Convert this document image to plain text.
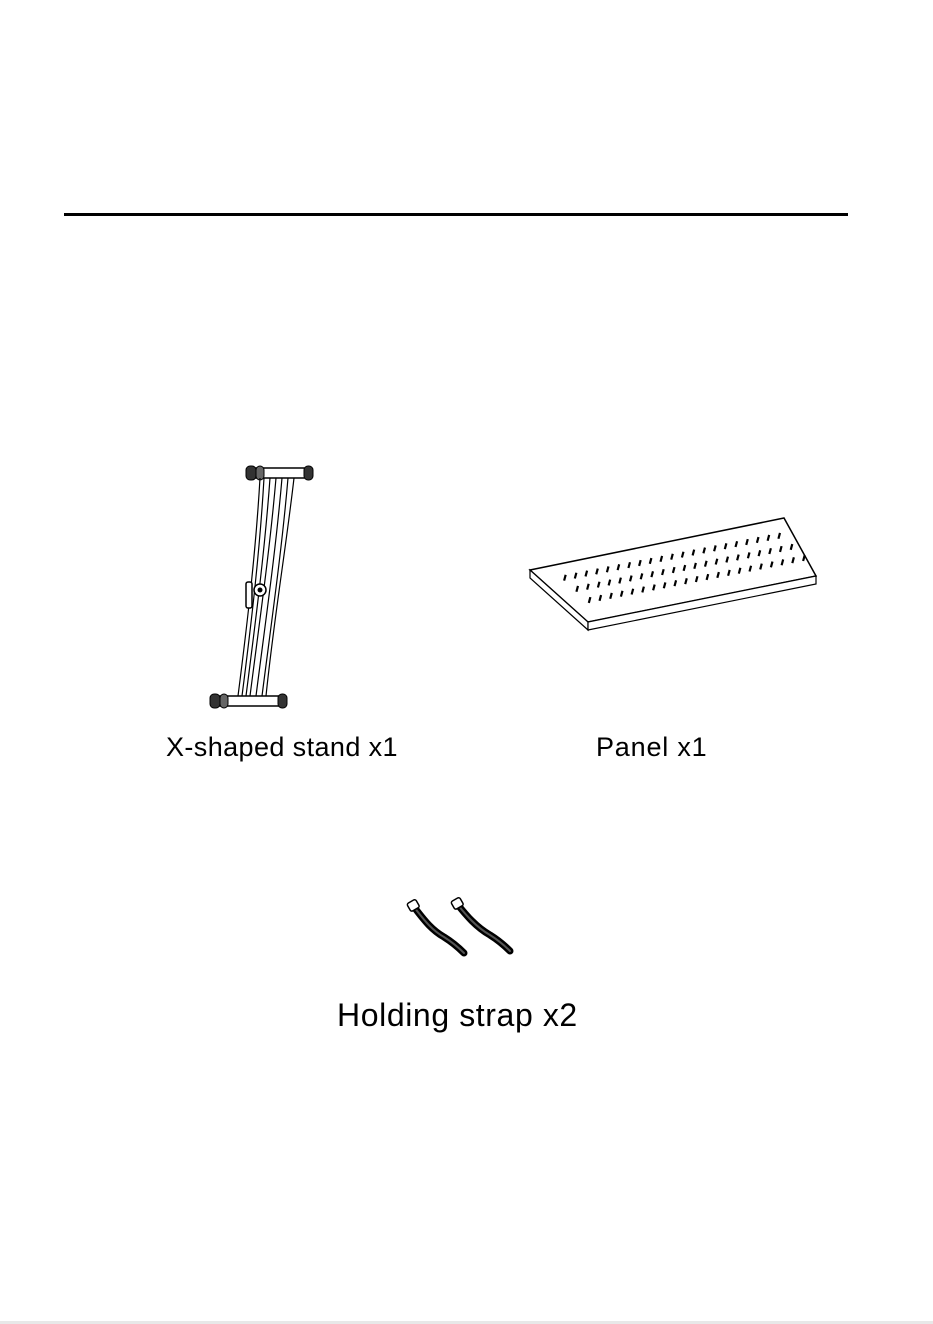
X-shaped stand x1	Panel x1
Holding strap x2
